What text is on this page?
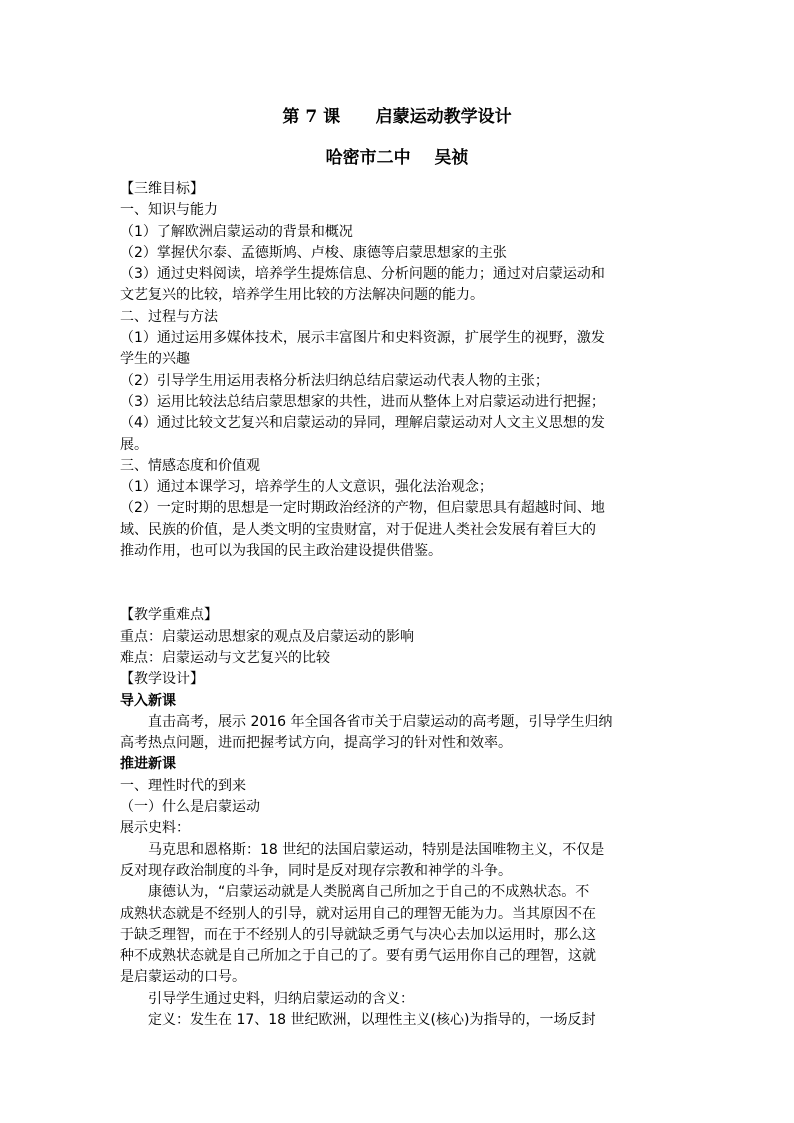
第 7 课      启蒙运动教学设计
哈密市二中    吴祯
【三维目标】
一、知识与能力
（1）了解欧洲启蒙运动的背景和概况
（2）掌握伏尔泰、孟德斯鸠、卢梭、康德等启蒙思想家的主张
（3）通过史料阅读，培养学生提炼信息、分析问题的能力；通过对启蒙运动和
文艺复兴的比较，培养学生用比较的方法解决问题的能力。
二、过程与方法
（1）通过运用多媒体技术，展示丰富图片和史料资源，扩展学生的视野，激发
学生的兴趣
（2）引导学生用运用表格分析法归纳总结启蒙运动代表人物的主张；
（3）运用比较法总结启蒙思想家的共性，进而从整体上对启蒙运动进行把握；
（4）通过比较文艺复兴和启蒙运动的异同，理解启蒙运动对人文主义思想的发
展。
三、情感态度和价值观
（1）通过本课学习，培养学生的人文意识，强化法治观念；
（2）一定时期的思想是一定时期政治经济的产物，但启蒙思具有超越时间、地
域、民族的价值，是人类文明的宝贵财富，对于促进人类社会发展有着巨大的
推动作用，也可以为我国的民主政治建设提供借鉴。
【教学重难点】
重点：启蒙运动思想家的观点及启蒙运动的影响
难点：启蒙运动与文艺复兴的比较
【教学设计】
导入新课
直击高考，展示 2016 年全国各省市关于启蒙运动的高考题，引导学生归纳
高考热点问题，进而把握考试方向，提高学习的针对性和效率。
推进新课
一、理性时代的到来
（一）什么是启蒙运动
展示史料：
马克思和恩格斯：18 世纪的法国启蒙运动，特别是法国唯物主义，不仅是
反对现存政治制度的斗争，同时是反对现存宗教和神学的斗争。
康德认为，“启蒙运动就是人类脱离自己所加之于自己的不成熟状态。不
成熟状态就是不经别人的引导，就对运用自己的理智无能为力。当其原因不在
于缺乏理智，而在于不经别人的引导就缺乏勇气与决心去加以运用时，那么这
种不成熟状态就是自己所加之于自己的了。要有勇气运用你自己的理智，这就
是启蒙运动的口号。
引导学生通过史料，归纳启蒙运动的含义：
定义：发生在 17、18 世纪欧洲，以理性主义(核心)为指导的，一场反封
